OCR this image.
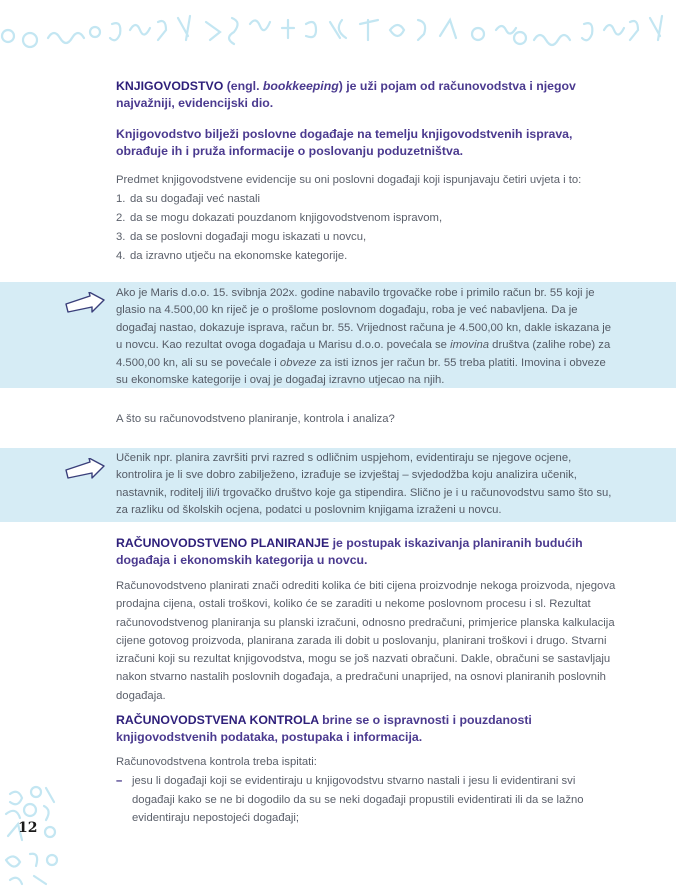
12

KNJIGOVODSTVO (engl. bookkeeping) je uži pojam od računovodstva i njegov najvažniji, evidencijski dio.

Knjigovodstvo bilježi poslovne događaje na temelju knjigovodstvenih isprava, obrađuje ih i pruža informacije o poslovanju poduzetništva.

Predmet knjigovodstvene evidencije su oni poslovni događaji koji ispunjavaju četiri uvjeta i to:

1. da su događaji već nastali
2. da se mogu dokazati pouzdanom knjigovodstvenom ispravom,
3. da se poslovni događaji mogu iskazati u novcu,
4. da izravno utječu na ekonomske kategorije.

Ako je Maris d.o.o. 15. svibnja 202x. godine nabavilo trgovačke robe i primilo račun br. 55 koji je glasio na 4.500,00 kn riječ je o prošlome poslovnom događaju, roba je već nabavljena. Da je događaj nastao, dokazuje isprava, račun br. 55. Vrijednost računa je 4.500,00 kn, dakle iskazana je u novcu. Kao rezultat ovoga događaja u Marisu d.o.o. povećala se imovina društva (zalihe robe) za 4.500,00 kn, ali su se povećale i obveze za isti iznos jer račun br. 55 treba platiti. Imovina i obveze su ekonomske kategorije i ovaj je događaj izravno utjecao na njih.

A što su računovodstveno planiranje, kontrola i analiza?

Učenik npr. planira završiti prvi razred s odličnim uspjehom, evidentiraju se njegove ocjene, kontrolira je li sve dobro zabilježeno, izrađuje se izvještaj – svjedodžba koju analizira učenik, nastavnik, roditelj ili/i trgovačko društvo koje ga stipendira. Slično je i u računovodstvu samo što su, za razliku od školskih ocjena, podatci u poslovnim knjigama izraženi u novcu.

RAČUNOVODSTVENO PLANIRANJE je postupak iskazivanja planiranih budućih događaja i ekonomskih kategorija u novcu.

Računovodstveno planirati znači odrediti kolika će biti cijena proizvodnje nekoga proizvoda, njegova prodajna cijena, ostali troškovi, koliko će se zaraditi u nekome poslovnom procesu i sl. Rezultat računovodstvenog planiranja su planski izračuni, odnosno predračuni, primjerice planska kalkulacija cijene gotovog proizvoda, planirana zarada ili dobit u poslovanju, planirani troškovi i drugo. Stvarni izračuni koji su rezultat knjigovodstva, mogu se još nazvati obračuni. Dakle, obračuni se sastavljaju nakon stvarno nastalih poslovnih događaja, a predračuni unaprijed, na osnovi planiranih poslovnih događaja.

RAČUNOVODSTVENA KONTROLA brine se o ispravnosti i pouzdanosti knjigovodstvenih podataka, postupaka i informacija.

Računovodstvena kontrola treba ispitati:

– jesu li događaji koji se evidentiraju u knjigovodstvu stvarno nastali i jesu li evidentirani svi događaji kako se ne bi dogodilo da su se neki događaji propustili evidentirati ili da se lažno evidentiraju nepostojeći događaji;
